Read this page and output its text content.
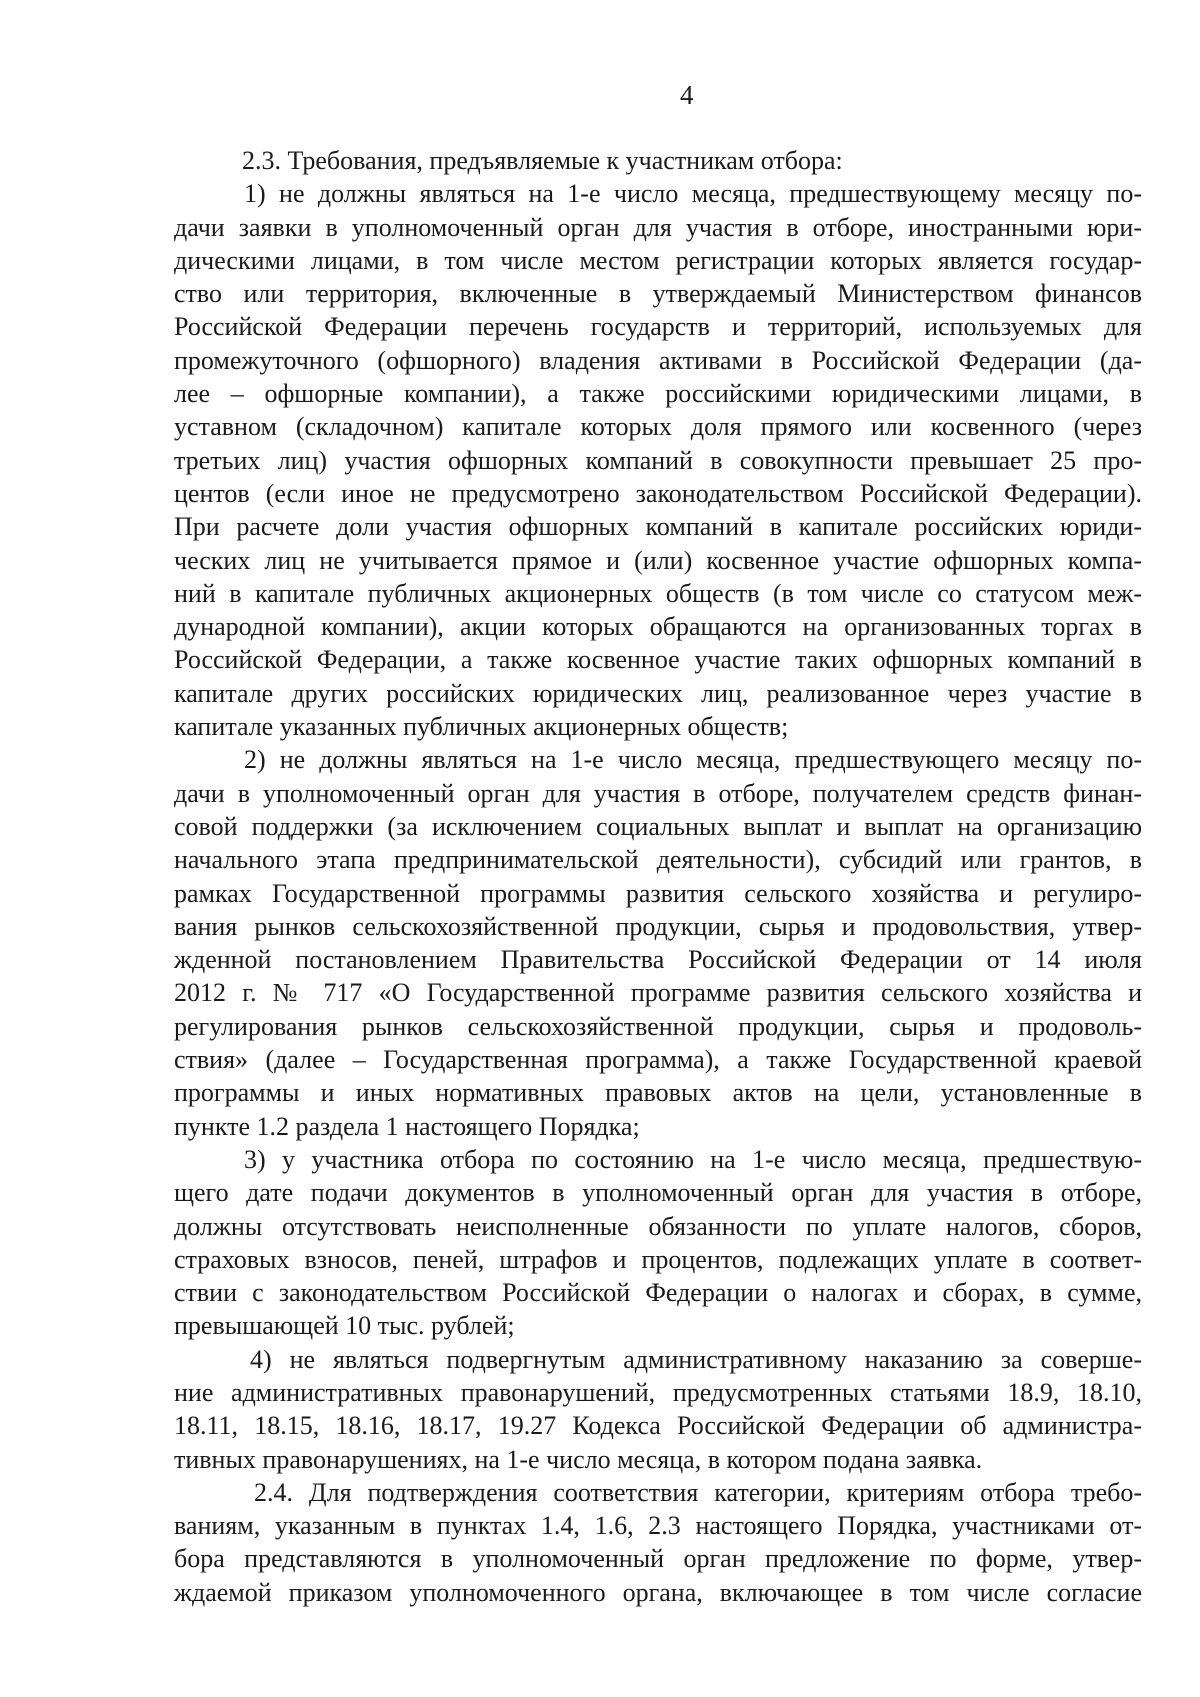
4
2.3. Требования, предъявляемые к участникам отбора:
1) не должны являться на 1-е число месяца, предшествующему месяцу по-
дачи заявки в уполномоченный орган для участия в отборе, иностранными юри-
дическими лицами, в том числе местом регистрации которых является государ-
ство или территория, включенные в утверждаемый Министерством финансов
Российской Федерации перечень государств и территорий, используемых для
промежуточного (офшорного) владения активами в Российской Федерации (да-
лее – офшорные компании), а также российскими юридическими лицами, в
уставном (складочном) капитале которых доля прямого или косвенного (через
третьих лиц) участия офшорных компаний в совокупности превышает 25 про-
центов (если иное не предусмотрено законодательством Российской Федерации).
При расчете доли участия офшорных компаний в капитале российских юриди-
ческих лиц не учитывается прямое и (или) косвенное участие офшорных компа-
ний в капитале публичных акционерных обществ (в том числе со статусом меж-
дународной компании), акции которых обращаются на организованных торгах в
Российской Федерации, а также косвенное участие таких офшорных компаний в
капитале других российских юридических лиц, реализованное через участие в
капитале указанных публичных акционерных обществ;
2) не должны являться на 1-е число месяца, предшествующего месяцу по-
дачи в уполномоченный орган для участия в отборе, получателем средств финан-
совой поддержки (за исключением социальных выплат и выплат на организацию
начального этапа предпринимательской деятельности), субсидий или грантов, в
рамках Государственной программы развития сельского хозяйства и регулиро-
вания рынков сельскохозяйственной продукции, сырья и продовольствия, утвер-
жденной постановлением Правительства Российской Федерации от 14 июля
2012 г. № 717 «О Государственной программе развития сельского хозяйства и
регулирования рынков сельскохозяйственной продукции, сырья и продоволь-
ствия» (далее – Государственная программа), а также Государственной краевой
программы и иных нормативных правовых актов на цели, установленные в
пункте 1.2 раздела 1 настоящего Порядка;
3) у участника отбора по состоянию на 1-е число месяца, предшествую-
щего дате подачи документов в уполномоченный орган для участия в отборе,
должны отсутствовать неисполненные обязанности по уплате налогов, сборов,
страховых взносов, пеней, штрафов и процентов, подлежащих уплате в соответ-
ствии с законодательством Российской Федерации о налогах и сборах, в сумме,
превышающей 10 тыс. рублей;
4) не являться подвергнутым административному наказанию за соверше-
ние административных правонарушений, предусмотренных статьями 18.9, 18.10,
18.11, 18.15, 18.16, 18.17, 19.27 Кодекса Российской Федерации об администра-
тивных правонарушениях, на 1-е число месяца, в котором подана заявка.
2.4. Для подтверждения соответствия категории, критериям отбора требо-
ваниям, указанным в пунктах 1.4, 1.6, 2.3 настоящего Порядка, участниками от-
бора представляются в уполномоченный орган предложение по форме, утвер-
ждаемой приказом уполномоченного органа, включающее в том числе согласие
